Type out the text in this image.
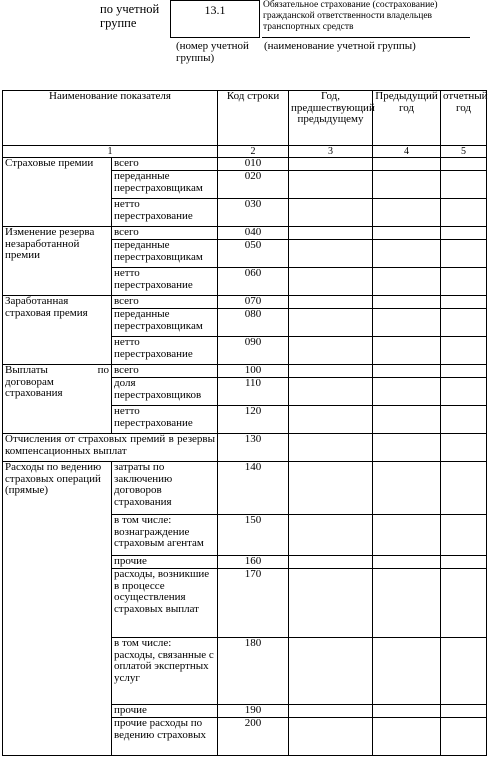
по учетной группе
13.1	Обязательное страхование (сострахование) гражданской ответственности владельцев транспортных средств
(номер учетной группы)
(наименование учетной группы)
Наименование показателя		Код строки	Год, предшествующий предыдущему	Предыдущий год	отчетный год
1		2	3	4	5
Страховые премии	всего	010			
	переданные перестраховщикам	020			
	нетто перестрахование	030			
Изменение резерва незаработанной премии	всего	040			
	переданные перестраховщикам	050			
	нетто перестрахование	060			
Заработанная страховая премия	всего	070			
	переданные перестраховщикам	080			
	нетто перестрахование	090			
Выплаты по договорам страхования	всего	100			
	доля перестраховщиков	110			
	нетто перестрахование	120			
Отчисления от страховых премий в резервы компенсационных выплат		130			
Расходы по ведению страховых операций (прямые)	затраты по заключению договоров страхования	140			
	в том числе: вознаграждение страховым агентам	150			
	прочие	160			
	расходы, возникшие в процессе осуществления страховых выплат	170			
	в том числе: расходы, связанные с оплатой экспертных услуг	180			
	прочие	190			
	прочие расходы по ведению страховых	200			
